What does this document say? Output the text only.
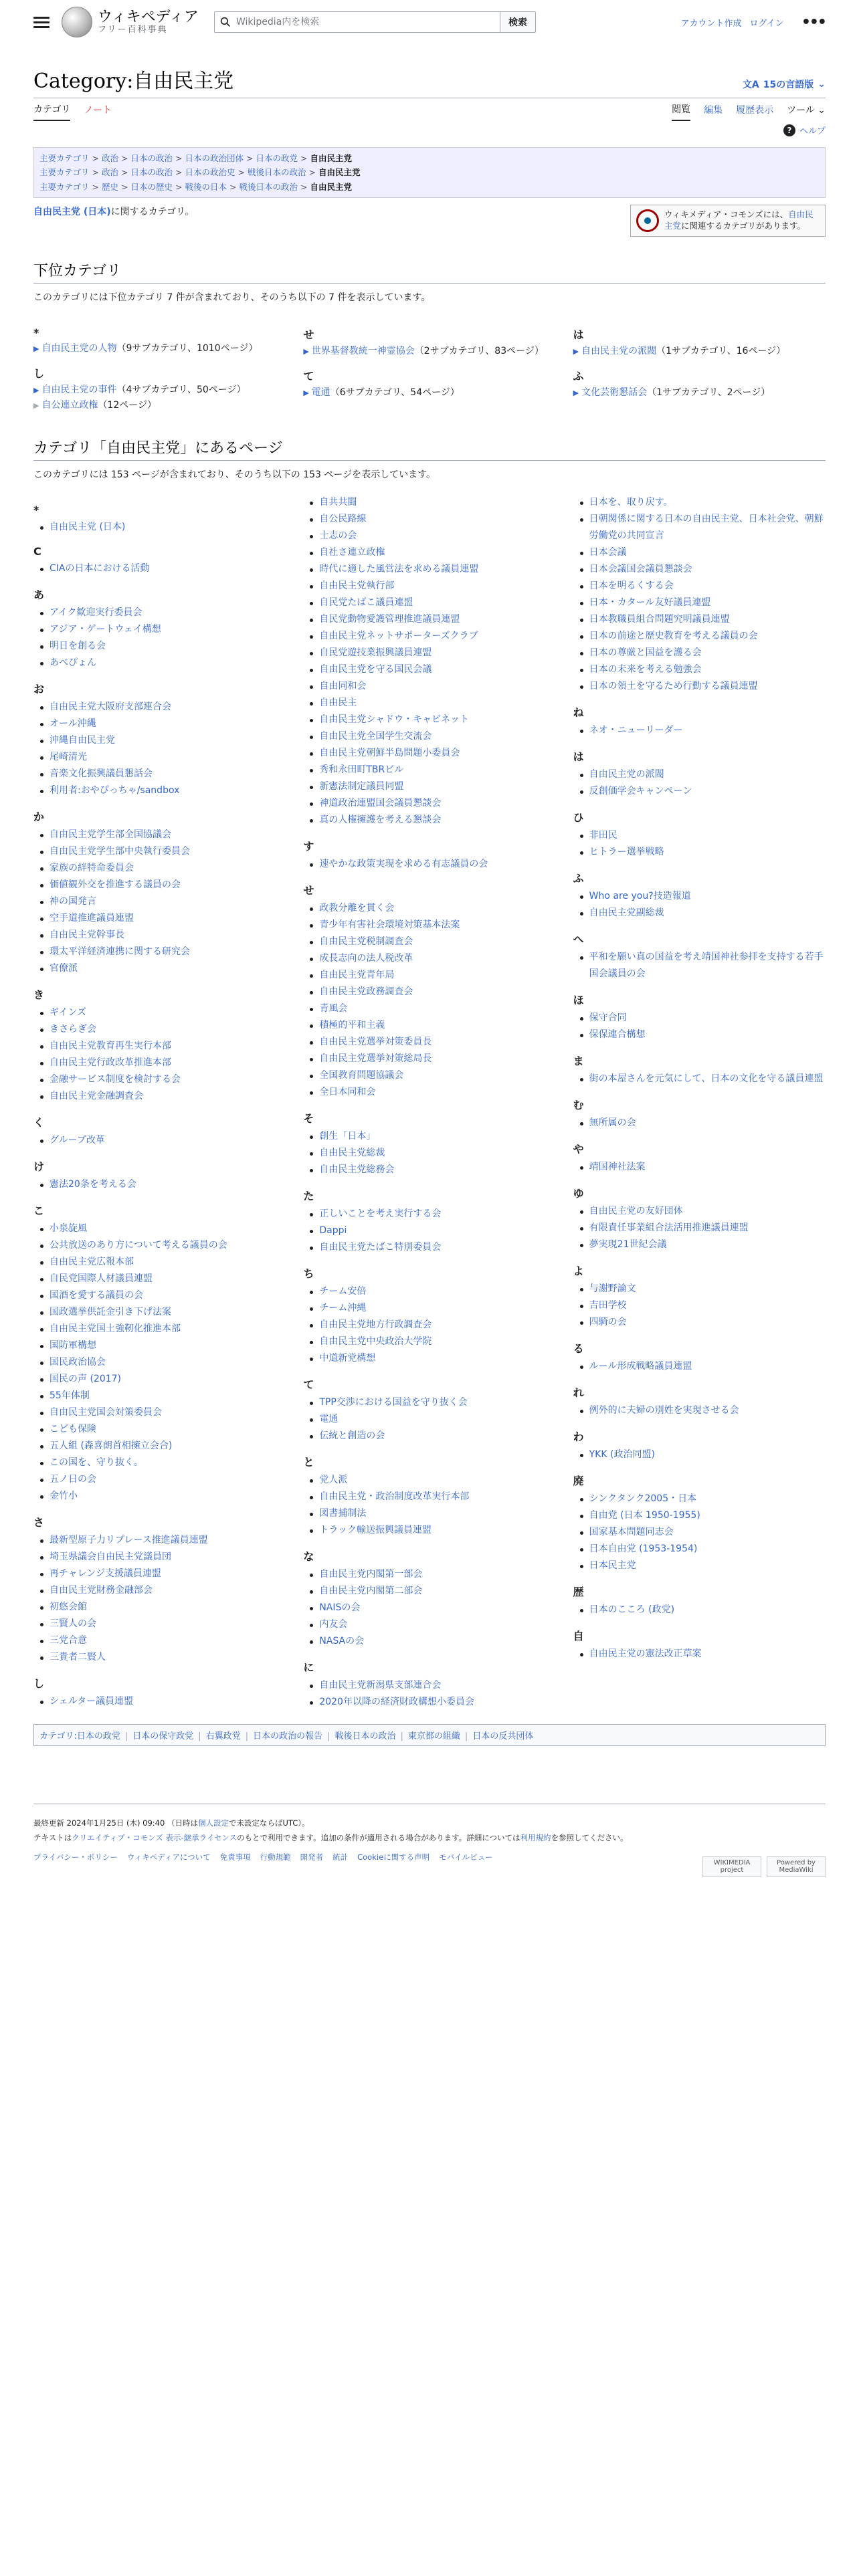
ウィキペディア
フリー百科事典
Wikipedia内を検索
検索	アカウント作成 ログイン •••
Category:自由民主党	文A 15の言語版 ⌄
カテゴリ ノート	閲覧 編集 履歴表示 ツール ⌄
? ヘルプ
主要カテゴリ > 政治 > 日本の政治 > 日本の政治団体 > 日本の政党 > 自由民主党
主要カテゴリ > 政治 > 日本の政治 > 日本の政治史 > 戦後日本の政治 > 自由民主党
主要カテゴリ > 歴史 > 日本の歴史 > 戦後の日本 > 戦後日本の政治 > 自由民主党
自由民主党 (日本)に関するカテゴリ。	ウィキメディア・コモンズには、自由民主党に関連するカテゴリがあります。
下位カテゴリ

このカテゴリには下位カテゴリ 7 件が含まれており、そのうち以下の 7 件を表示しています。

*
▶ 自由民主党の人物（9サブカテゴリ、1010ページ）
し
▶ 自由民主党の事件（4サブカテゴリ、50ページ）
▶ 自公連立政権（12ページ）
せ
▶ 世界基督教統一神霊協会（2サブカテゴリ、83ページ）
て
▶ 電通（6サブカテゴリ、54ページ）
は
▶ 自由民主党の派閥（1サブカテゴリ、16ページ）
ふ
▶ 文化芸術懇話会（1サブカテゴリ、2ページ）
カテゴリ「自由民主党」にあるページ

このカテゴリには 153 ページが含まれており、そのうち以下の 153 ページを表示しています。

*
自由民主党 (日本)
C
CIAの日本における活動
あ
アイク歓迎実行委員会
アジア・ゲートウェイ構想
明日を創る会
あべぴょん
お
自由民主党大阪府支部連合会
オール沖縄
沖縄自由民主党
尾崎清光
音楽文化振興議員懇話会
利用者:おやぴっちゃ/sandbox
か
自由民主党学生部全国協議会
自由民主党学生部中央執行委員会
家族の絆特命委員会
価値観外交を推進する議員の会
神の国発言
空手道推進議員連盟
自由民主党幹事長
環太平洋経済連携に関する研究会
官僚派
き
ギインズ
きさらぎ会
自由民主党教育再生実行本部
自由民主党行政改革推進本部
金融サービス制度を検討する会
自由民主党金融調査会
く
グループ改革
け
憲法20条を考える会
こ
小泉旋風
公共放送のあり方について考える議員の会
自由民主党広報本部
自民党国際人材議員連盟
国酒を愛する議員の会
国政選挙供託金引き下げ法案
自由民主党国土強靭化推進本部
国防軍構想
国民政治協会
国民の声 (2017)
55年体制
自由民主党国会対策委員会
こども保険
五人組 (森喜朗首相擁立会合)
この国を、守り抜く。
五ノ日の会
金竹小
さ
最新型原子力リプレース推進議員連盟
埼玉県議会自由民主党議員団
再チャレンジ支援議員連盟
自由民主党財務金融部会
初悠会館
三賢人の会
三党合意
三貴者二賢人
し
シェルター議員連盟
自共共闘
自公民路線
士志の会
自社さ連立政権
時代に適した風営法を求める議員連盟
自由民主党執行部
自民党たばこ議員連盟
自民党動物愛護管理推進議員連盟
自由民主党ネットサポーターズクラブ
自民党遊技業振興議員連盟
自由民主党を守る国民会議
自由同和会
自由民主
自由民主党シャドウ・キャビネット
自由民主党全国学生交流会
自由民主党朝鮮半島問題小委員会
秀和永田町TBRビル
新憲法制定議員同盟
神道政治連盟国会議員懇談会
真の人権擁護を考える懇談会
す
速やかな政策実現を求める有志議員の会
せ
政教分離を貫く会
青少年有害社会環境対策基本法案
自由民主党税制調査会
成長志向の法人税改革
自由民主党青年局
自由民主党政務調査会
青風会
積極的平和主義
自由民主党選挙対策委員長
自由民主党選挙対策総局長
全国教育問題協議会
全日本同和会
そ
創生「日本」
自由民主党総裁
自由民主党総務会
た
正しいことを考え実行する会
Dappi
自由民主党たばこ特別委員会
ち
チーム安倍
チーム沖縄
自由民主党地方行政調査会
自由民主党中央政治大学院
中道新党構想
て
TPP交渉における国益を守り抜く会
電通
伝統と創造の会
と
党人派
自由民主党・政治制度改革実行本部
図書捕制法
トラック輸送振興議員連盟
な
自由民主党内閣第一部会
自由民主党内閣第二部会
NAISの会
内友会
NASAの会
に
自由民主党新潟県支部連合会
2020年以降の経済財政構想小委員会
日本を、取り戻す。
日朝関係に関する日本の自由民主党、日本社会党、朝鮮労働党の共同宣言
日本会議
日本会議国会議員懇談会
日本を明るくする会
日本・カタール友好議員連盟
日本教職員組合問題究明議員連盟
日本の前途と歴史教育を考える議員の会
日本の尊厳と国益を護る会
日本の未来を考える勉強会
日本の領土を守るため行動する議員連盟
ね
ネオ・ニューリーダー
は
自由民主党の派閥
反創価学会キャンペーン
ひ
非田民
ヒトラー選挙戦略
ふ
Who are you?技造報道
自由民主党副総裁
へ
平和を願い真の国益を考え靖国神社参拝を支持する若手国会議員の会
ほ
保守合同
保保連合構想
ま
街の本屋さんを元気にして、日本の文化を守る議員連盟
む
無所属の会
や
靖国神社法案
ゆ
自由民主党の友好団体
有限責任事業組合法活用推進議員連盟
夢実現21世紀会議
よ
与謝野論文
吉田学校
四騎の会
る
ルール形成戦略議員連盟
れ
例外的に夫婦の別姓を実現させる会
わ
YKK (政治同盟)
廃
シンクタンク2005・日本
自由党 (日本 1950-1955)
国家基本問題同志会
日本自由党 (1953-1954)
日本民主党
歴
日本のこころ (政党)
自
自由民主党の憲法改正草案
カテゴリ: 日本の政党 | 日本の保守政党 | 右翼政党 | 日本の政治の報告 | 戦後日本の政治 | 東京都の組織 | 日本の反共団体
最終更新 2024年1月25日 (木) 09:40 （日時は個人設定で未設定ならばUTC）。
テキストはクリエイティブ・コモンズ 表示-継承ライセンスのもとで利用できます。追加の条件が適用される場合があります。詳細については利用規約を参照してください。
プライバシー・ポリシー ウィキペディアについて 免責事項 行動規範 開発者 統計 Cookieに関する声明 モバイルビュー
WIKIMEDIA project
Powered by MediaWiki
